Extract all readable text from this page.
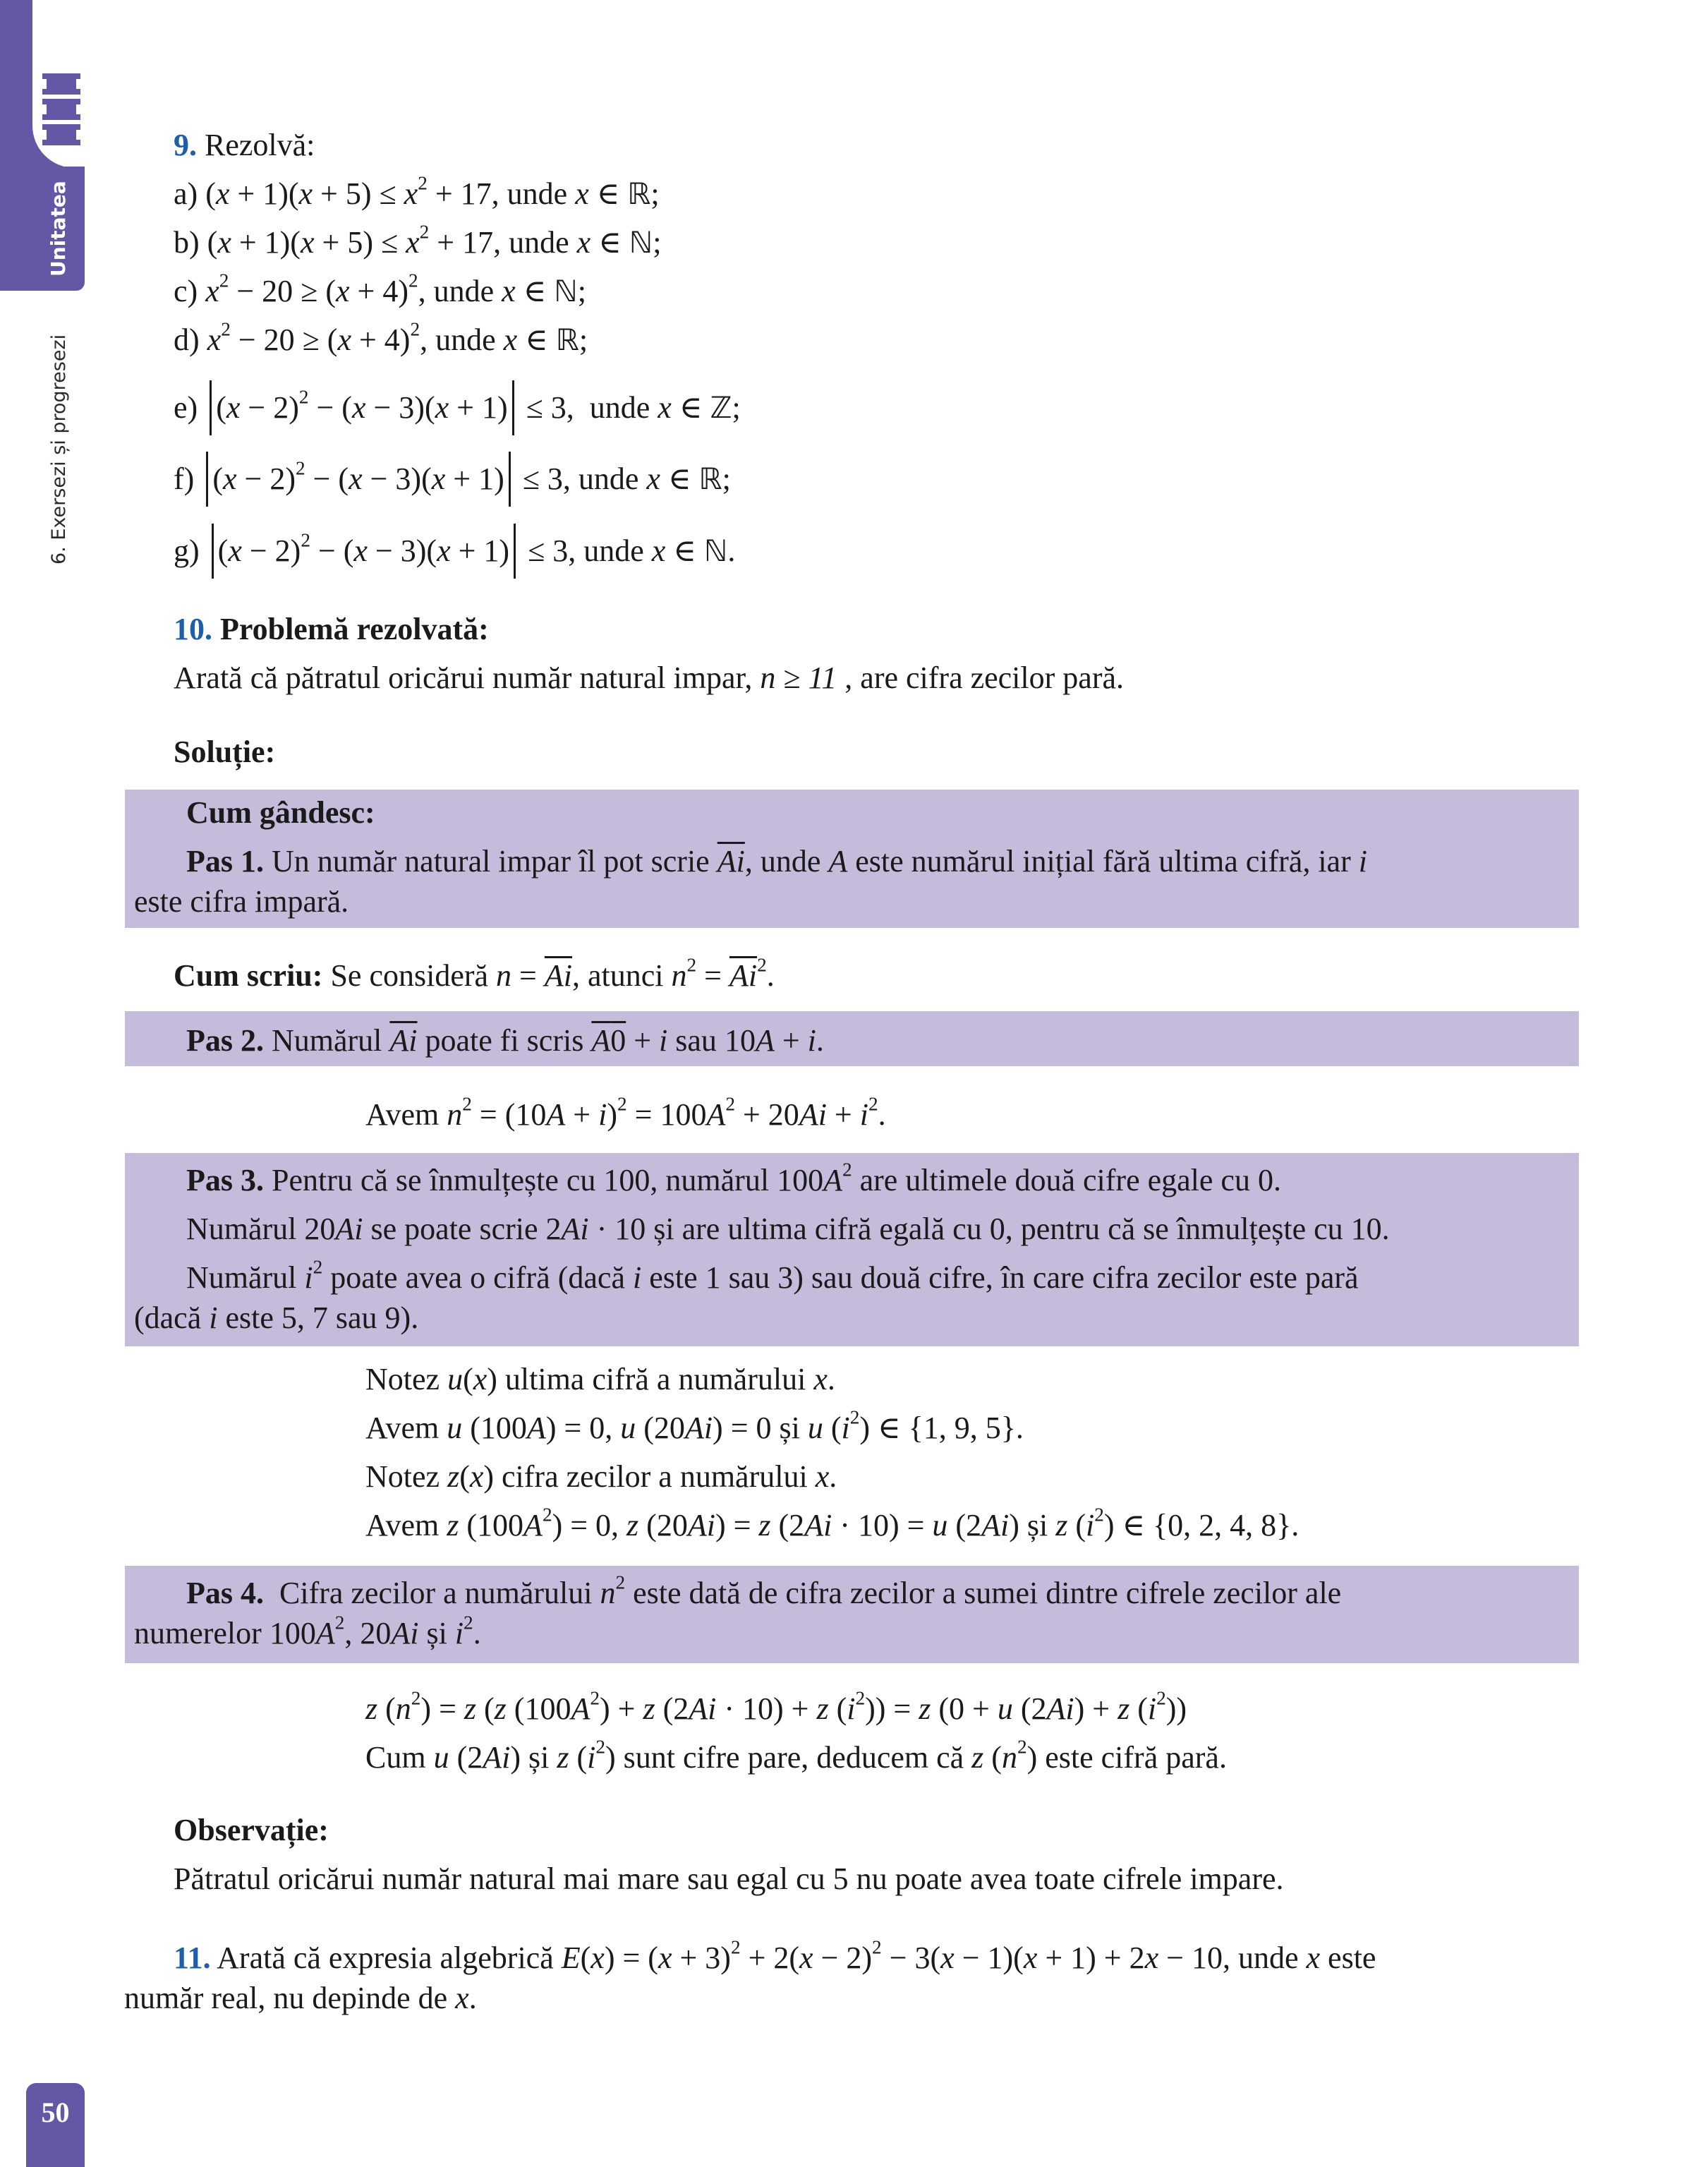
Unitatea
6. Exersezi și progresezi
50
9. Rezolvă:
a) $(x + 1)(x + 5) \le x^2 + 17$, unde x ∈ ℝ;
b) $(x + 1)(x + 5) \le x^2 + 17$, unde x ∈ ℕ;
c) $x^2 - 20 \ge (x + 4)^2$, unde x ∈ ℕ;
d) $x^2 - 20 \ge (x + 4)^2$, unde x ∈ ℝ;
e) $(x - 2)^2 - (x - 3)(x + 1) \le 3$,  unde x ∈ ℤ;
f) $(x - 2)^2 - (x - 3)(x + 1) \le 3$, unde x ∈ ℝ;
g) $(x - 2)^2 - (x - 3)(x + 1) \le 3$, unde x ∈ ℕ.
10. Problemă rezolvată:
Arată că pătratul oricărui număr natural impar, n ≥ 11 , are cifra zecilor pară.
Soluție:
Cum gândesc:
Pas 1. Un număr natural impar îl pot scrie $\overline{Ai}$, unde A este numărul inițial fără ultima cifră, iar i
este cifra impară.
Cum scriu: Se consideră $n = \overline{Ai}$, atunci $n^2 = \overline{Ai}^2$.
Pas 2. Numărul $\overline{Ai}$ poate fi scris A0 + i sau 10A + i.
Avem $n^2 = (10A + i)^2 = 100A^2 + 20Ai + i^2$.
Pas 3. Pentru că se înmulțește cu 100, numărul $100A^2$ are ultimele două cifre egale cu 0.
Numărul 20Ai se poate scrie 2Ai · 10 și are ultima cifră egală cu 0, pentru că se înmulțește cu 10.
Numărul $i^2$ poate avea o cifră (dacă i este 1 sau 3) sau două cifre, în care cifra zecilor este pară
(dacă i este 5, 7 sau 9).
Notez u(x) ultima cifră a numărului x.
Avem u (100A) = 0, u (20Ai) = 0 și u $(i^2)$ ∈ {1, 9, 5}.
Notez z(x) cifra zecilor a numărului x.
Avem z $(100A^2) = 0$, z (20Ai) = z (2Ai · 10) = u (2Ai) și z $(i^2)$ ∈ {0, 2, 4, 8}.
Pas 4. Cifra zecilor a numărului $n^2$ este dată de cifra zecilor a sumei dintre cifrele zecilor ale
numerelor $100A^2$, 20Ai și $i^2$.
z $(n^2) = z$ (z $(100A^2) + z$ (2Ai · 10) + z $(i^2)) = z$ (0 + u (2Ai) + z $(i^2)$)
Cum u (2Ai) și z $(i^2)$ sunt cifre pare, deducem că z $(n^2)$ este cifră pară.
Observație:
Pătratul oricărui număr natural mai mare sau egal cu 5 nu poate avea toate cifrele impare.
11. Arată că expresia algebrică $E(x) = (x + 3)^2 + 2(x - 2)^2 - 3(x - 1)(x + 1) + 2x - 10$, unde x este
număr real, nu depinde de x.
